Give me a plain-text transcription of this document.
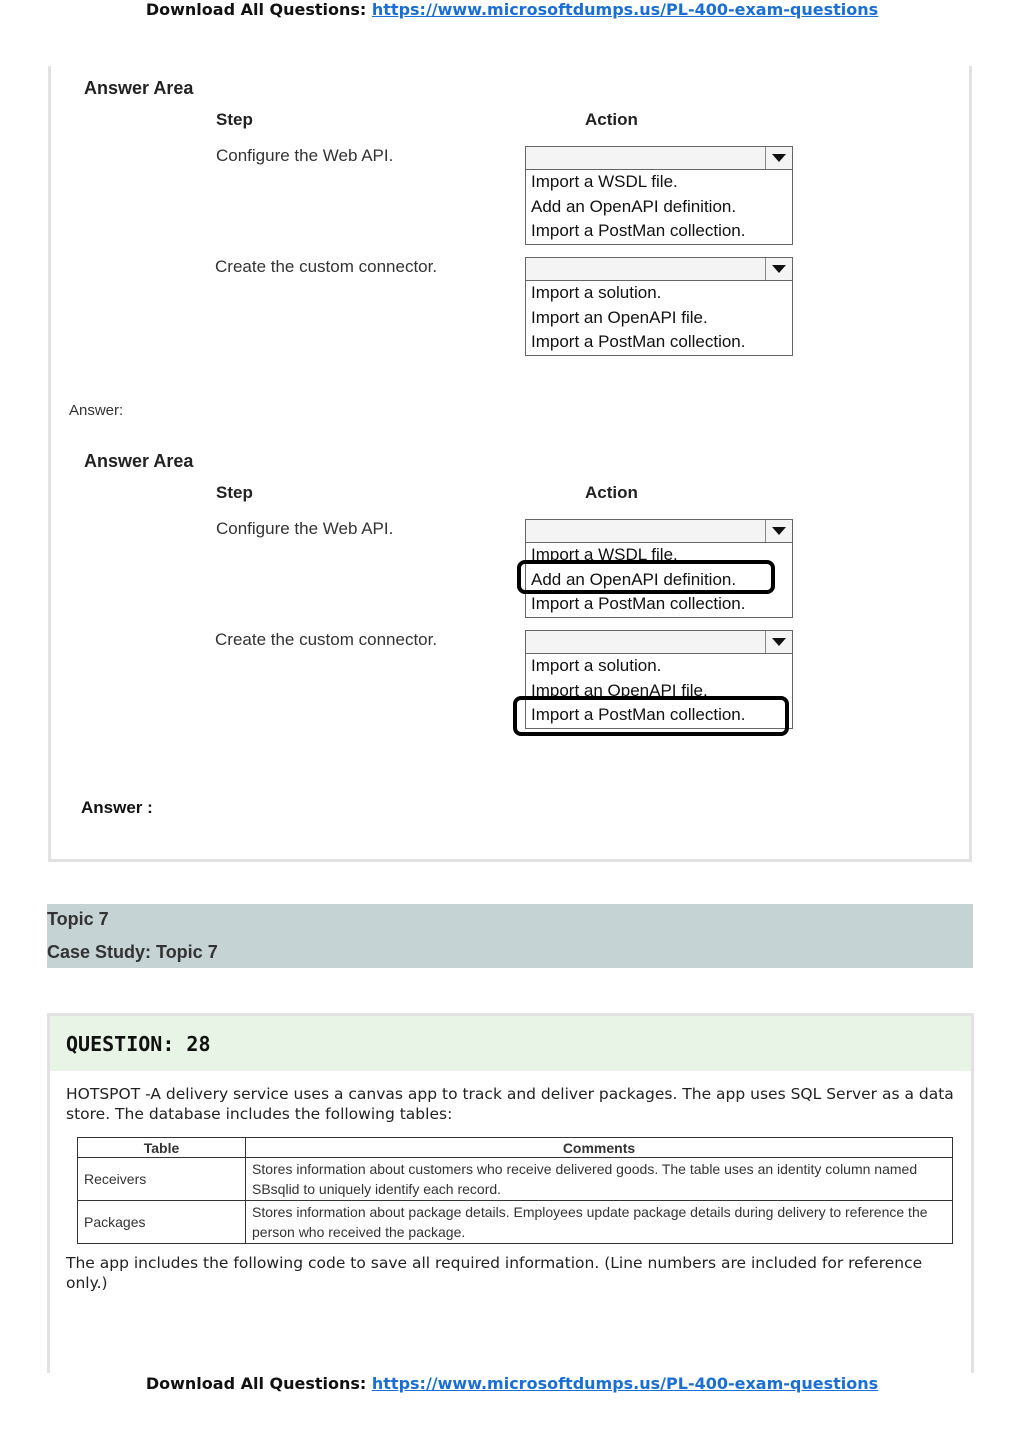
Download All Questions: https://www.microsoftdumps.us/PL-400-exam-questions
Answer Area
Step	Action
Configure the Web API.
Import a WSDL file.
Add an OpenAPI definition.
Import a PostMan collection.
Create the custom connector.
Import a solution.
Import an OpenAPI file.
Import a PostMan collection.
Answer:
Answer Area
Step	Action
Configure the Web API.
Import a WSDL file.
Add an OpenAPI definition.
Import a PostMan collection.
Create the custom connector.
Import a solution.
Import an OpenAPI file.
Import a PostMan collection.
Answer :
Topic 7
Case Study: Topic 7
QUESTION: 28
HOTSPOT -A delivery service uses a canvas app to track and deliver packages. The app uses SQL Server as a data store. The database includes the following tables:
Table	Comments
Receivers	Stores information about customers who receive delivered goods. The table uses an identity column named SBsqlid to uniquely identify each record.
Packages	Stores information about package details. Employees update package details during delivery to reference the person who received the package.
The app includes the following code to save all required information. (Line numbers are included for reference only.)
Download All Questions: https://www.microsoftdumps.us/PL-400-exam-questions
